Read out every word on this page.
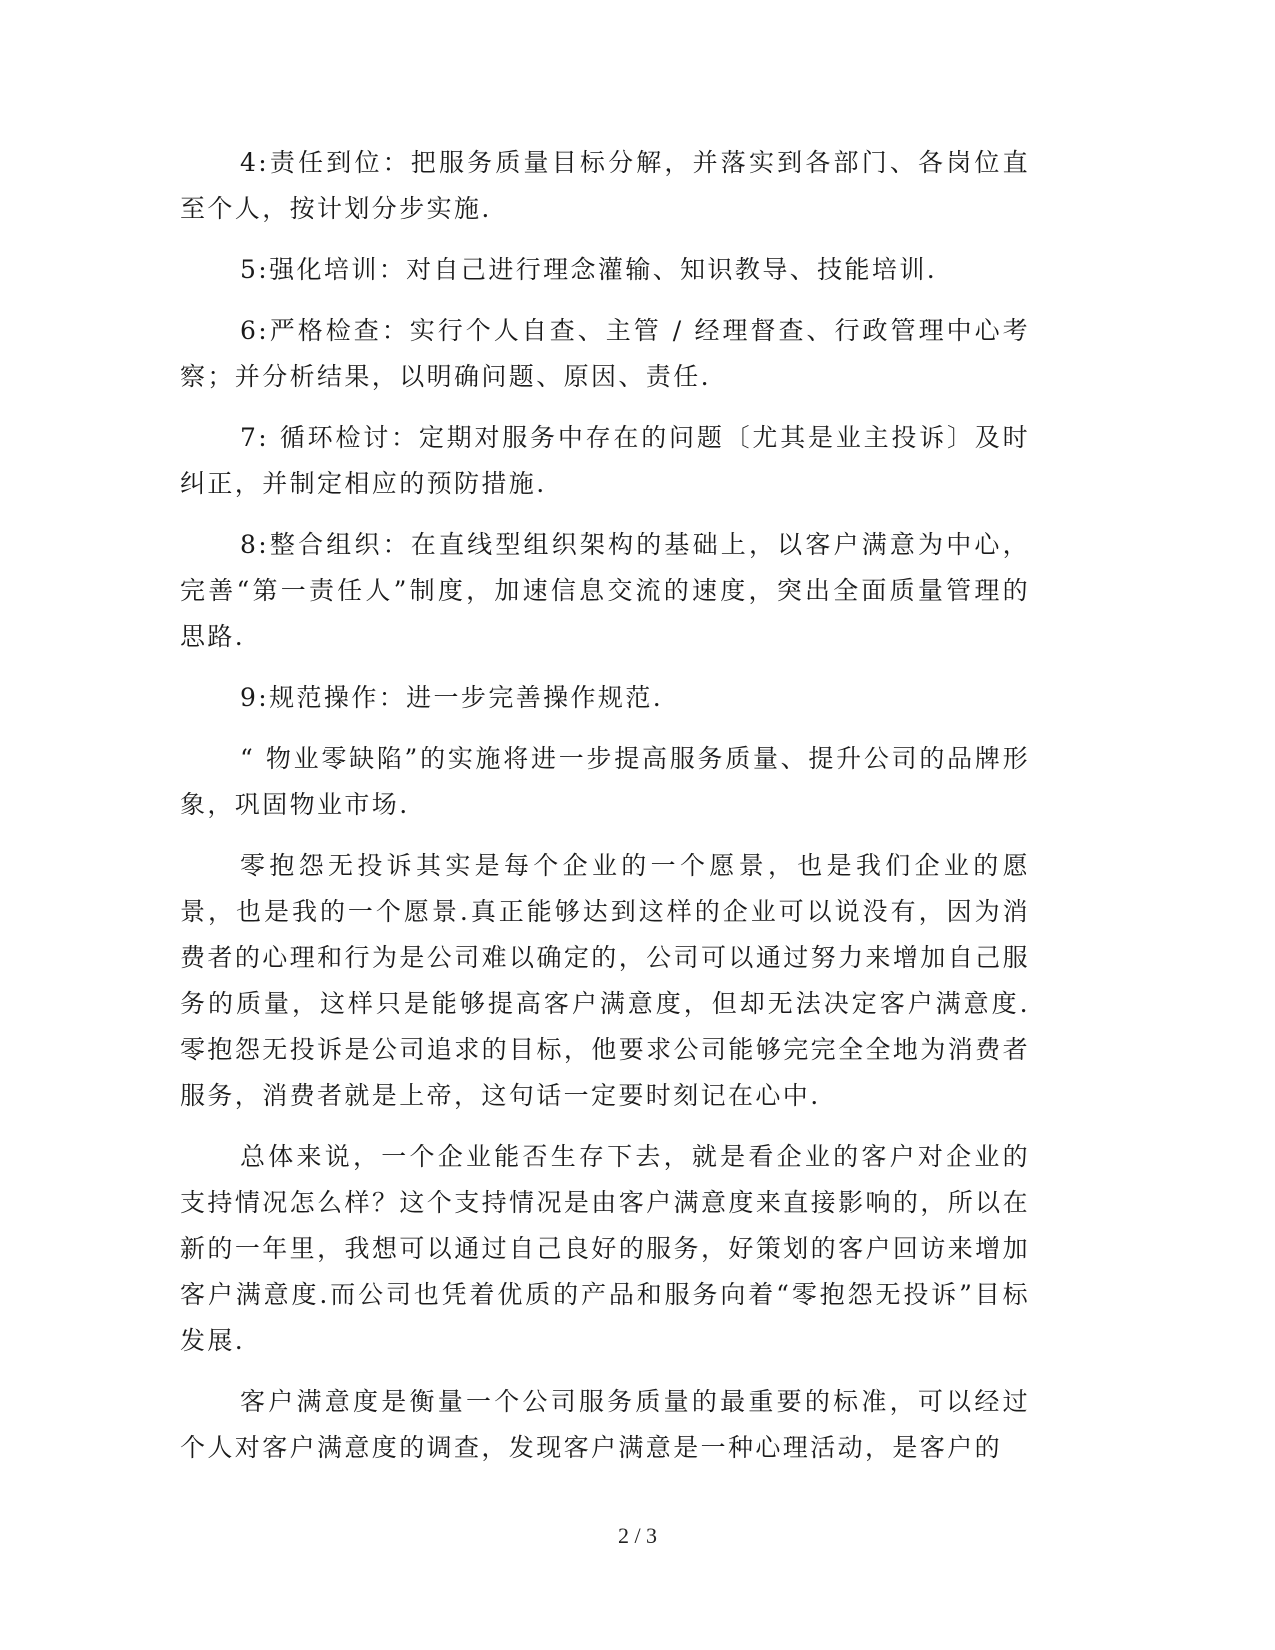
4:责任到位：把服务质量目标分解，并落实到各部门、各岗位直至个人，按计划分步实施.

5:强化培训：对自己进行理念灌输、知识教导、技能培训.

6:严格检查：实行个人自查、主管 / 经理督查、行政管理中心考察；并分析结果，以明确问题、原因、责任.

7: 循环检讨：定期对服务中存在的问题〔尤其是业主投诉〕及时纠正，并制定相应的预防措施.

8:整合组织：在直线型组织架构的基础上，以客户满意为中心，完善“第一责任人”制度，加速信息交流的速度，突出全面质量管理的思路.

9:规范操作：进一步完善操作规范.

“ 物业零缺陷”的实施将进一步提高服务质量、提升公司的品牌形象，巩固物业市场.

零抱怨无投诉其实是每个企业的一个愿景，也是我们企业的愿景，也是我的一个愿景.真正能够达到这样的企业可以说没有，因为消费者的心理和行为是公司难以确定的，公司可以通过努力来增加自己服务的质量，这样只是能够提高客户满意度，但却无法决定客户满意度.零抱怨无投诉是公司追求的目标，他要求公司能够完完全全地为消费者服务，消费者就是上帝，这句话一定要时刻记在心中.

总体来说，一个企业能否生存下去，就是看企业的客户对企业的支持情况怎么样？这个支持情况是由客户满意度来直接影响的，所以在新的一年里，我想可以通过自己良好的服务，好策划的客户回访来增加客户满意度.而公司也凭着优质的产品和服务向着“零抱怨无投诉”目标发展.

客户满意度是衡量一个公司服务质量的最重要的标准，可以经过个人对客户满意度的调查，发现客户满意是一种心理活动，是客户的

2 / 3
